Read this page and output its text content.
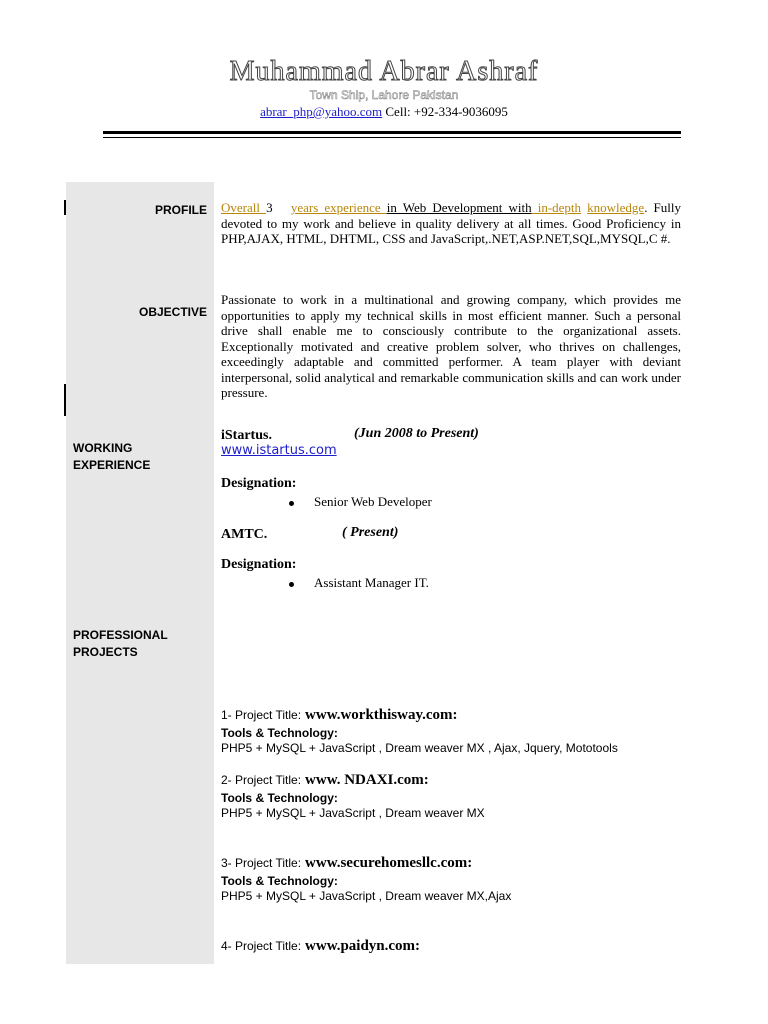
Muhammad Abrar Ashraf
Town Ship, Lahore Pakistan
abrar_php@yahoo.com Cell: +92-334-9036095
PROFILE
OBJECTIVE
WORKING
EXPERIENCE
PROFESSIONAL
PROJECTS
Overall 3 years experience in Web Development with in-depth knowledge. Fully devoted to my work and believe in quality delivery at all times. Good Proficiency in PHP,AJAX, HTML, DHTML, CSS and JavaScript,.NET,ASP.NET,SQL,MYSQL,C #.
Passionate to work in a multinational and growing company, which provides me opportunities to apply my technical skills in most efficient manner. Such a personal drive shall enable me to consciously contribute to the organizational assets. Exceptionally motivated and creative problem solver, who thrives on challenges, exceedingly adaptable and committed performer. A team player with deviant interpersonal, solid analytical and remarkable communication skills and can work under pressure.
iStartus.	(Jun 2008 to Present)
www.istartus.com
Designation:
Senior Web Developer
AMTC.	( Present)
Designation:
Assistant Manager IT.
1- Project Title: www.workthisway.com:
Tools & Technology:
PHP5 + MySQL + JavaScript , Dream weaver MX , Ajax, Jquery, Mototools
2- Project Title: www. NDAXI.com:
Tools & Technology:
PHP5 + MySQL + JavaScript , Dream weaver MX
3- Project Title: www.securehomesllc.com:
Tools & Technology:
PHP5 + MySQL + JavaScript , Dream weaver MX,Ajax
4- Project Title: www.paidyn.com:
